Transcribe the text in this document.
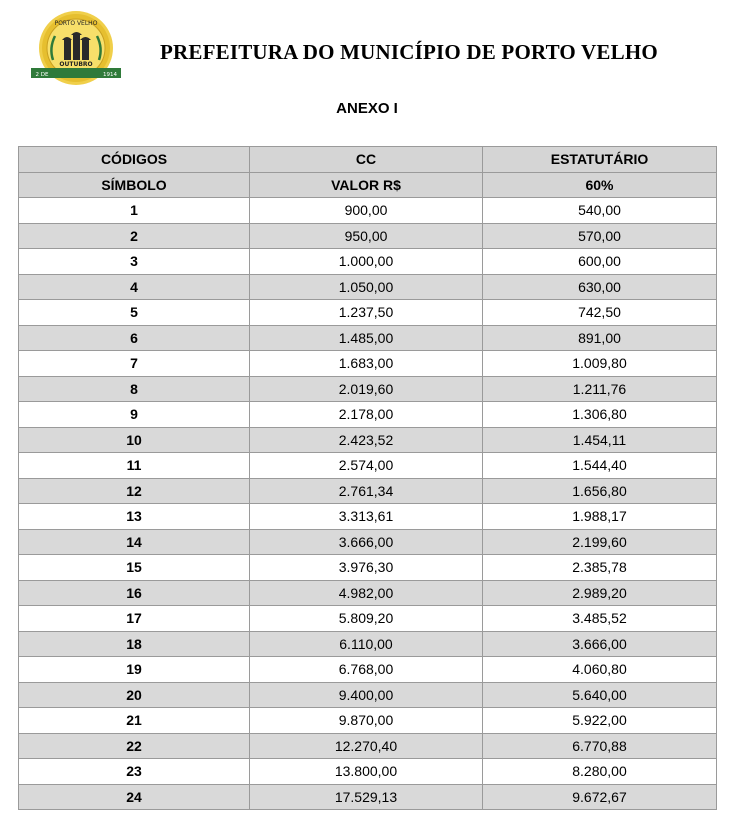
PORTO VELHO
OUTUBRO
2 DE	1914
PREFEITURA DO MUNICÍPIO DE PORTO VELHO
ANEXO I
CÓDIGOS	CC	ESTATUTÁRIO
SÍMBOLO	VALOR R$	60%
1	900,00	540,00
2	950,00	570,00
3	1.000,00	600,00
4	1.050,00	630,00
5	1.237,50	742,50
6	1.485,00	891,00
7	1.683,00	1.009,80
8	2.019,60	1.211,76
9	2.178,00	1.306,80
10	2.423,52	1.454,11
11	2.574,00	1.544,40
12	2.761,34	1.656,80
13	3.313,61	1.988,17
14	3.666,00	2.199,60
15	3.976,30	2.385,78
16	4.982,00	2.989,20
17	5.809,20	3.485,52
18	6.110,00	3.666,00
19	6.768,00	4.060,80
20	9.400,00	5.640,00
21	9.870,00	5.922,00
22	12.270,40	6.770,88
23	13.800,00	8.280,00
24	17.529,13	9.672,67
